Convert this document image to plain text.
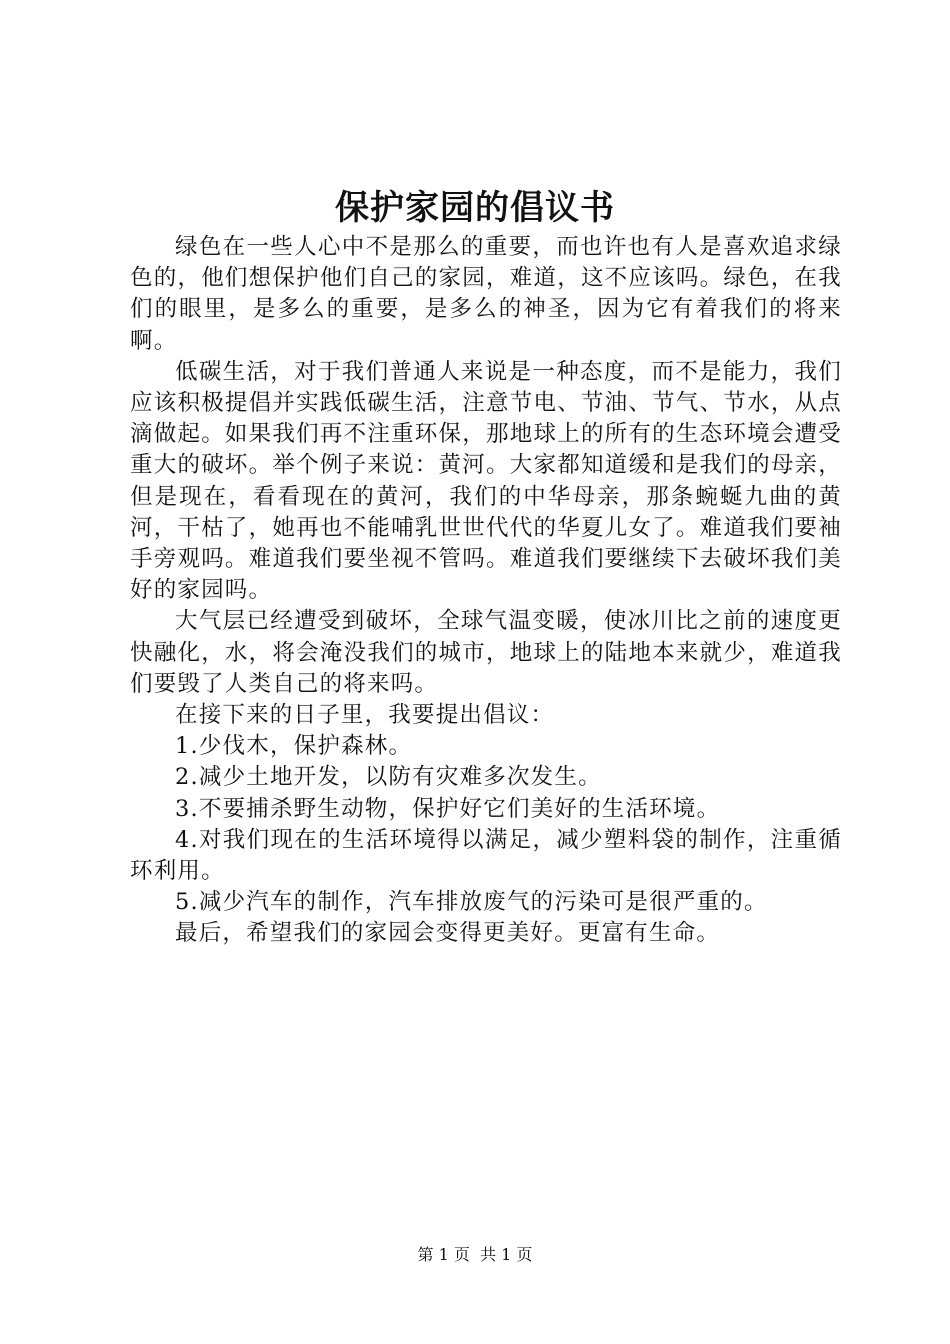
保护家园的倡议书

绿色在一些人心中不是那么的重要，而也许也有人是喜欢追求绿色的，他们想保护他们自己的家园，难道，这不应该吗。绿色，在我们的眼里，是多么的重要，是多么的神圣，因为它有着我们的将来啊。

低碳生活，对于我们普通人来说是一种态度，而不是能力，我们应该积极提倡并实践低碳生活，注意节电、节油、节气、节水，从点滴做起。如果我们再不注重环保，那地球上的所有的生态环境会遭受重大的破坏。举个例子来说：黄河。大家都知道缓和是我们的母亲，但是现在，看看现在的黄河，我们的中华母亲，那条蜿蜒九曲的黄河，干枯了，她再也不能哺乳世世代代的华夏儿女了。难道我们要袖手旁观吗。难道我们要坐视不管吗。难道我们要继续下去破坏我们美好的家园吗。

大气层已经遭受到破坏，全球气温变暖，使冰川比之前的速度更快融化，水，将会淹没我们的城市，地球上的陆地本来就少，难道我们要毁了人类自己的将来吗。

在接下来的日子里，我要提出倡议：

1.少伐木，保护森林。

2.减少土地开发，以防有灾难多次发生。

3.不要捕杀野生动物，保护好它们美好的生活环境。

4.对我们现在的生活环境得以满足，减少塑料袋的制作，注重循环利用。

5.减少汽车的制作，汽车排放废气的污染可是很严重的。

最后，希望我们的家园会变得更美好。更富有生命。

第 1 页  共 1 页
